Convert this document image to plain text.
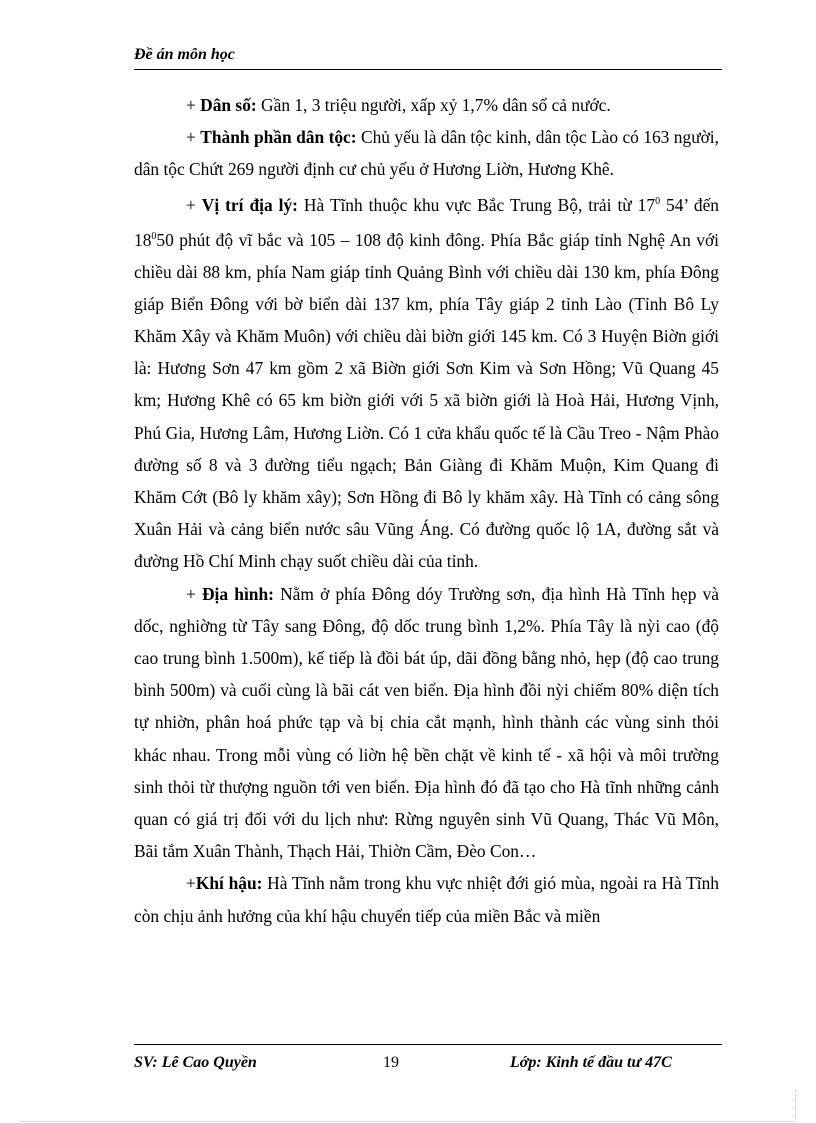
Đề án môn học

+ Dân số: Gần 1, 3 triệu người, xấp xỷ 1,7% dân số cả nước.

+ Thành phần dân tộc: Chủ yếu là dân tộc kinh, dân tộc Lào có 163 người, dân tộc Chứt 269 người định cư chủ yếu ở Hương Liờn, Hương Khê.

+ Vị trí địa lý: Hà Tĩnh thuộc khu vực Bắc Trung Bộ, trải từ $17^0$ 54’ đến $18^050$ phút độ vĩ bắc và 105 – 108 độ kinh đông. Phía Bắc giáp tỉnh Nghệ An với chiều dài 88 km, phía Nam giáp tỉnh Quảng Bình với chiều dài 130 km, phía Đông giáp Biển Đông với bờ biển dài 137 km, phía Tây giáp 2 tỉnh Lào (Tỉnh Bô Ly Khăm Xây và Khăm Muôn) với chiều dài biờn giới 145 km. Có 3 Huyện Biờn giới là: Hương Sơn 47 km gồm 2 xã Biờn giới Sơn Kim và Sơn Hồng; Vũ Quang 45 km; Hương Khê có 65 km biờn giới với 5 xã biờn giới là Hoà Hải, Hương Vịnh, Phú Gia, Hương Lâm, Hương Liờn. Có 1 cửa khẩu quốc tế là Cầu Treo - Nậm Phào đường số 8 và 3 đường tiểu ngạch; Bản Giàng đi Khăm Muộn, Kim Quang đi Khăm Cớt (Bô ly khăm xây); Sơn Hồng đi Bô ly khăm xây. Hà Tĩnh có cảng sông Xuân Hải và cảng biển nước sâu Vũng Áng. Có đường quốc lộ 1A, đường sắt và đường Hồ Chí Minh chạy suốt chiều dài của tỉnh.

+ Địa hình: Nằm ở phía Đông dóy Trường sơn, địa hình Hà Tĩnh hẹp và dốc, nghiờng từ Tây sang Đông, độ dốc trung bình 1,2%. Phía Tây là nỳi cao (độ cao trung bình 1.500m), kế tiếp là đồi bát úp, dãi đồng bằng nhỏ, hẹp (độ cao trung bình 500m) và cuối cùng là bãi cát ven biển. Địa hình đồi nỳi chiếm 80% diện tích tự nhiờn, phân hoá phức tạp và bị chia cắt mạnh, hình thành các vùng sinh thỏi khác nhau. Trong mỗi vùng có liờn hệ bền chặt về kinh tế - xã hội và môi trường sinh thỏi từ thượng nguồn tới ven biển. Địa hình đó đã tạo cho Hà tĩnh những cảnh quan có giá trị đối với du lịch như: Rừng nguyên sinh Vũ Quang, Thác Vũ Môn, Bãi tắm Xuân Thành, Thạch Hải, Thiờn Cầm, Đèo Con…

+Khí hậu: Hà Tĩnh nằm trong khu vực nhiệt đới gió mùa, ngoài ra Hà Tĩnh còn chịu ảnh hưởng của khí hậu chuyển tiếp của miền Bắc và miền

SV: Lê Cao Quyền	19	Lớp: Kinh tế đầu tư 47C
